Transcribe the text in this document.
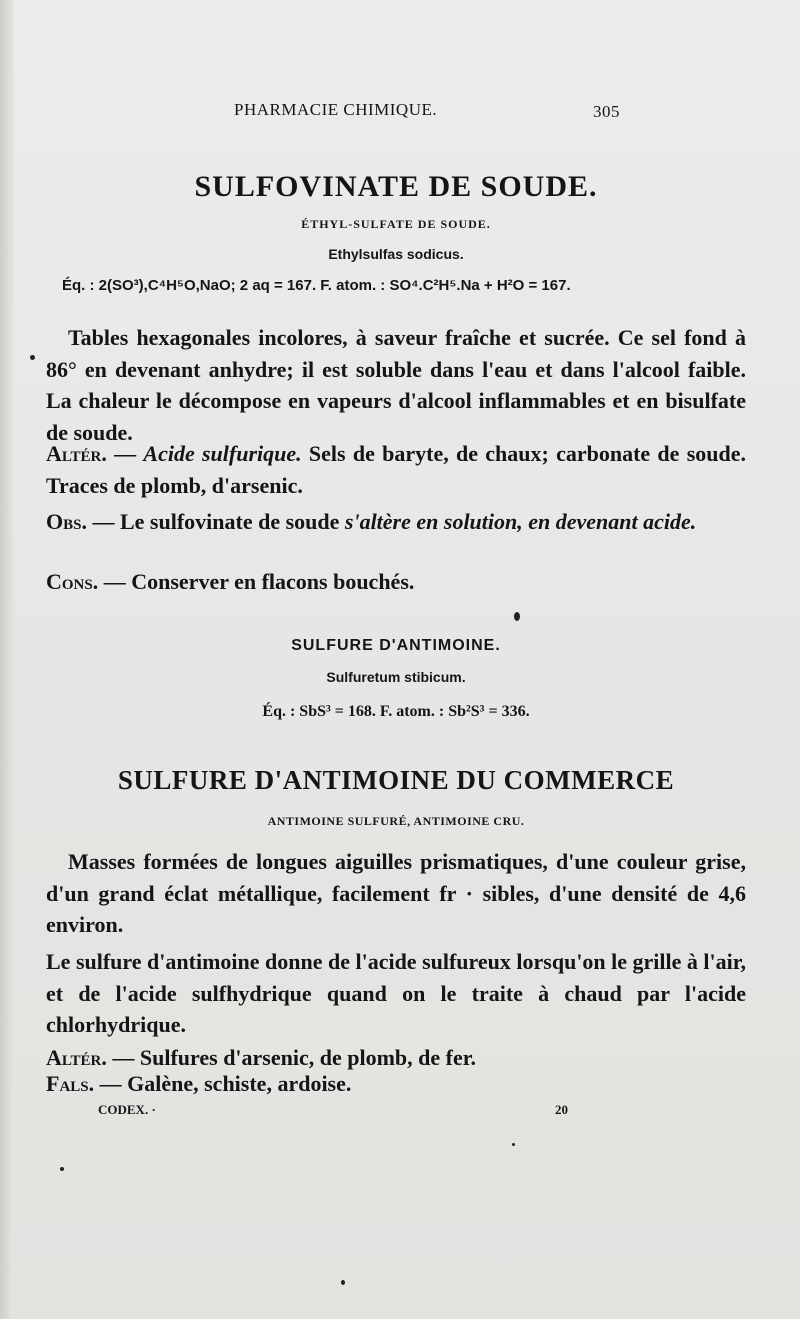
PHARMACIE CHIMIQUE.	305
SULFOVINATE DE SOUDE.
ÉTHYL-SULFATE DE SOUDE.
Ethylsulfas sodicus.
Éq. : 2(SO³),C⁴H⁵O,NaO; 2 aq = 167. F. atom. : SO⁴.C²H⁵.Na + H²O = 167.
Tables hexagonales incolores, à saveur fraîche et sucrée. Ce sel fond à 86° en devenant anhydre; il est soluble dans l'eau et dans l'alcool faible. La chaleur le décompose en vapeurs d'alcool inflammables et en bisulfate de soude.
Altér. — Acide sulfurique. Sels de baryte, de chaux; carbonate de soude. Traces de plomb, d'arsenic.
Obs. — Le sulfovinate de soude s'altère en solution, en devenant acide.
Cons. — Conserver en flacons bouchés.
SULFURE D'ANTIMOINE.
Sulfuretum stibicum.
Éq. : SbS³ = 168. F. atom. : Sb²S³ = 336.
SULFURE D'ANTIMOINE DU COMMERCE
ANTIMOINE SULFURÉ, ANTIMOINE CRU.
Masses formées de longues aiguilles prismatiques, d'une couleur grise, d'un grand éclat métallique, facilement fr · sibles, d'une densité de 4,6 environ.
Le sulfure d'antimoine donne de l'acide sulfureux lorsqu'on le grille à l'air, et de l'acide sulfhydrique quand on le traite à chaud par l'acide chlorhydrique.
Altér. — Sulfures d'arsenic, de plomb, de fer.
Fals. — Galène, schiste, ardoise.
CODEX. ·	20
